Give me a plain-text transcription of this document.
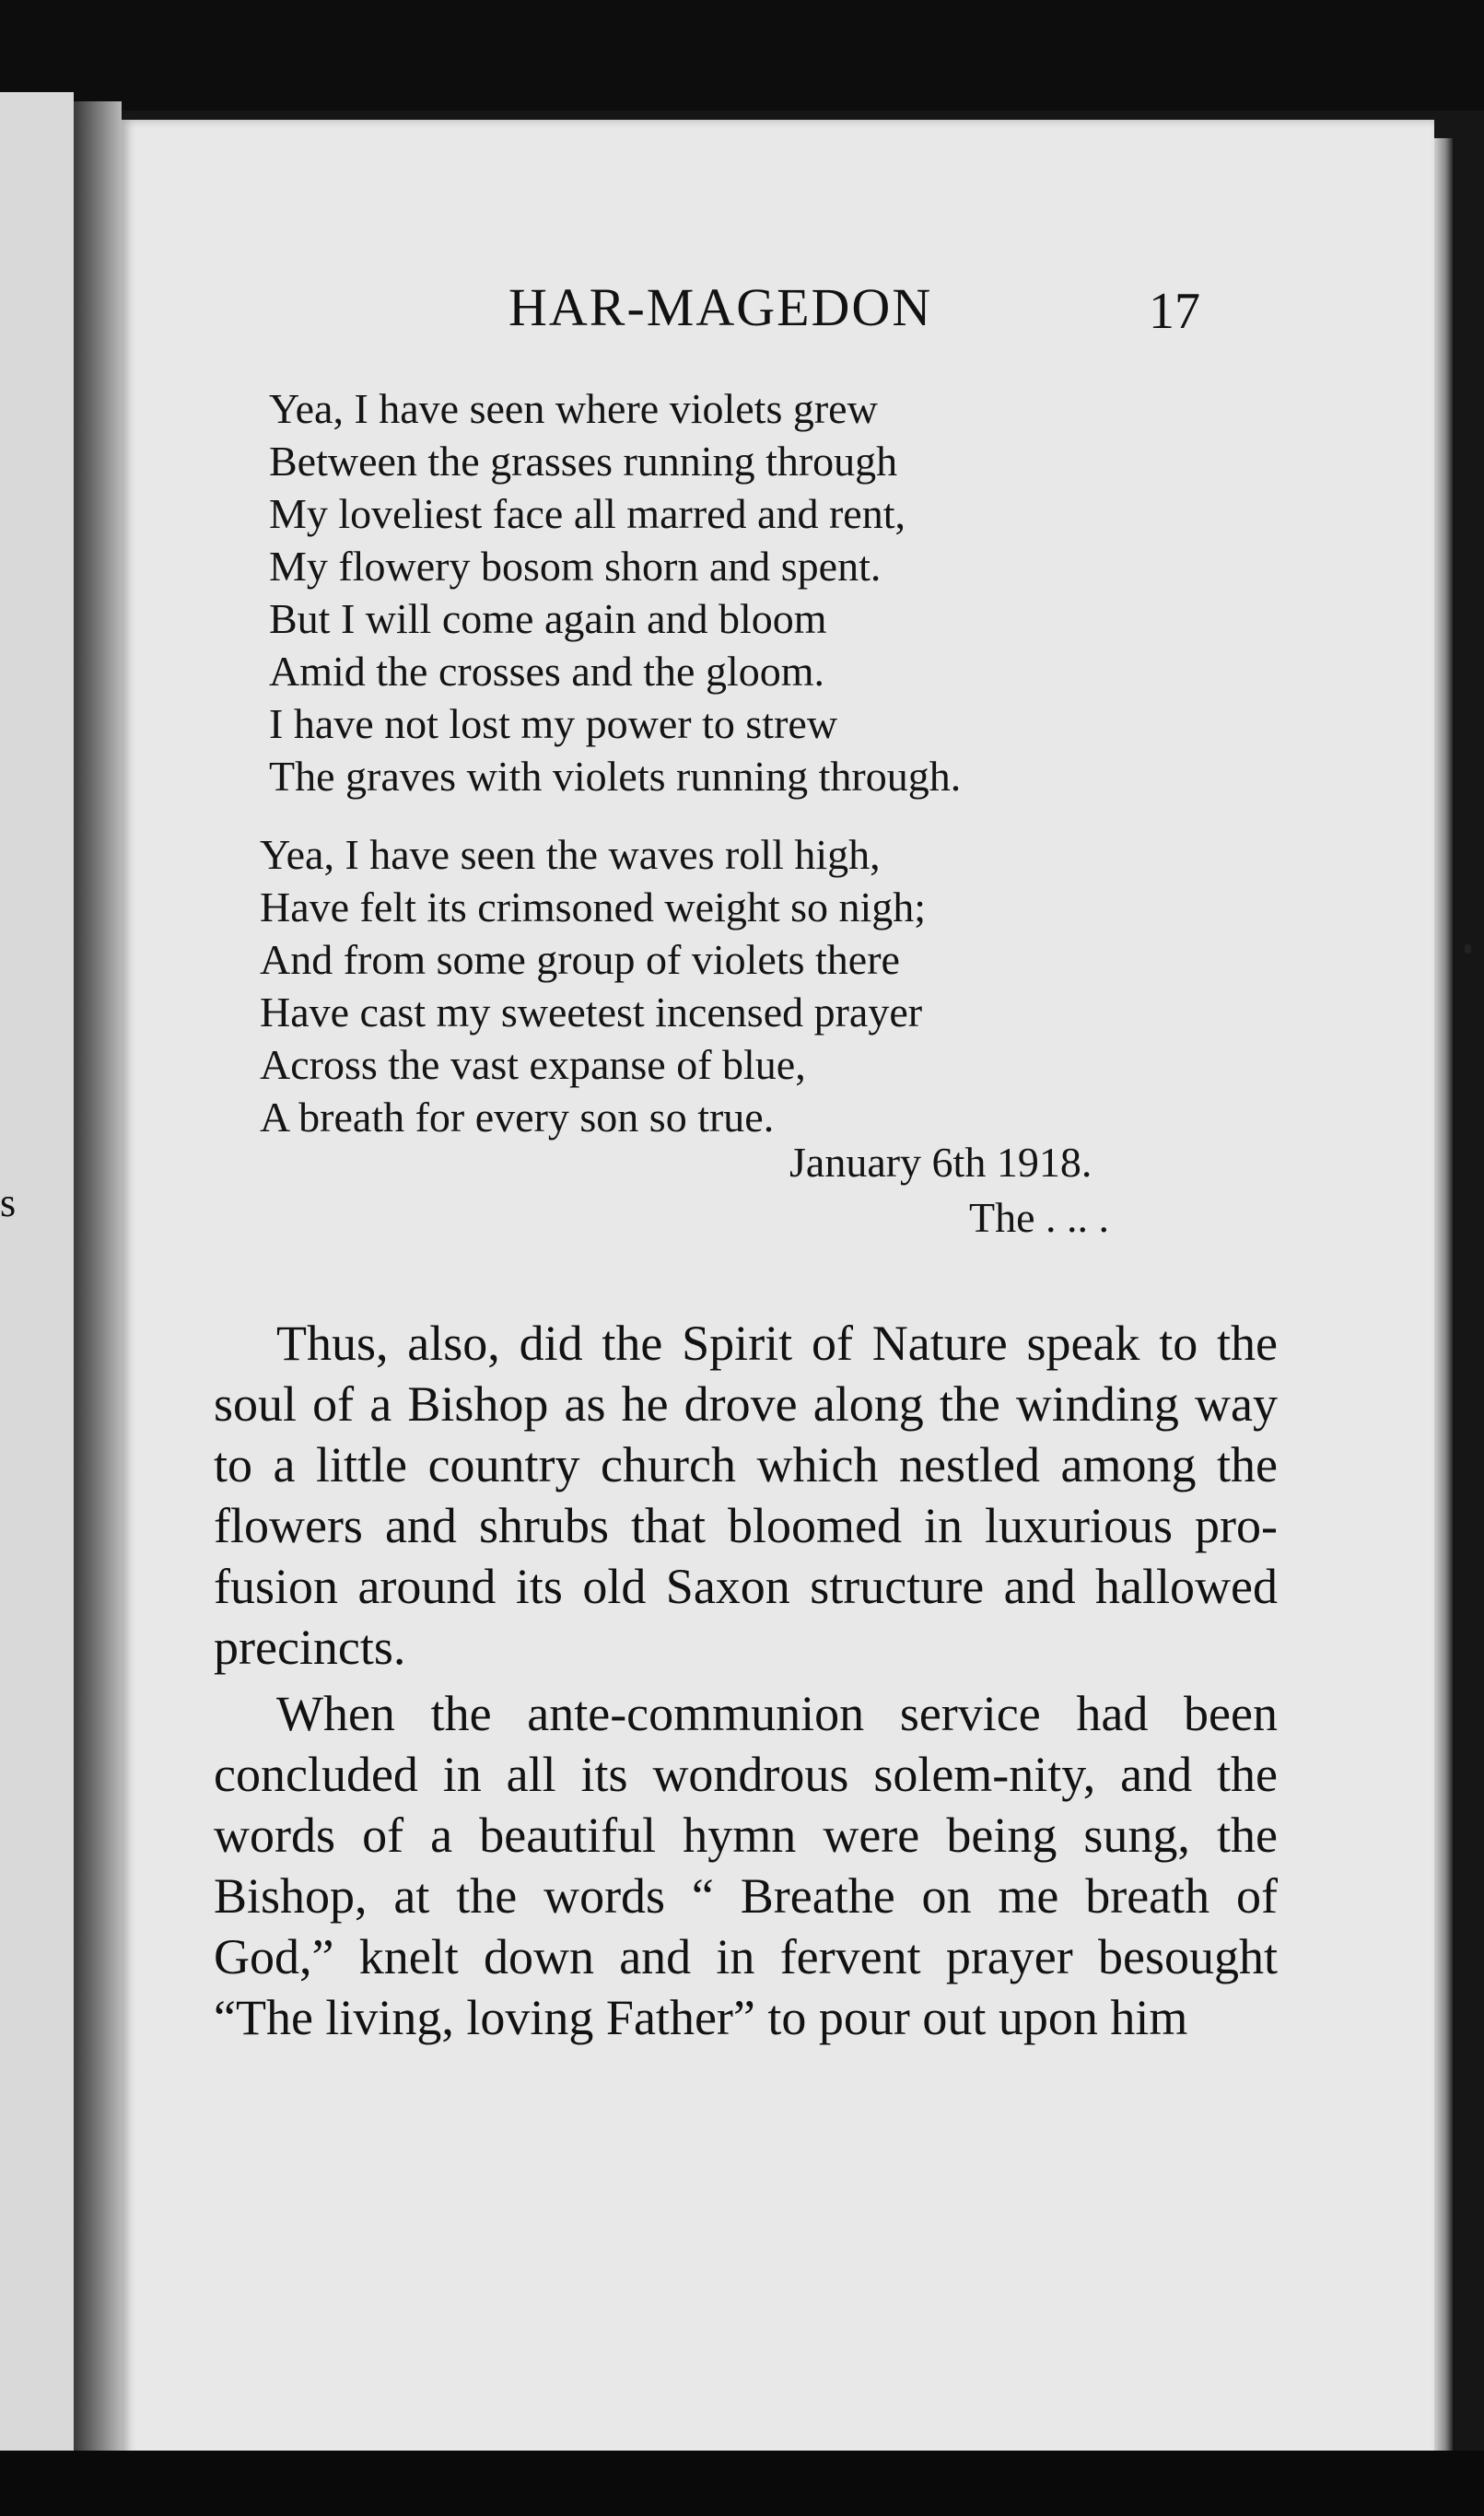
s
HAR-MAGEDON	17
Yea, I have seen where violets grew
Between the grasses running through
My loveliest face all marred and rent,
My flowery bosom shorn and spent.
But I will come again and bloom
Amid the crosses and the gloom.
I have not lost my power to strew
The graves with violets running through.
Yea, I have seen the waves roll high,
Have felt its crimsoned weight so nigh;
And from some group of violets there
Have cast my sweetest incensed prayer
Across the vast expanse of blue,
A breath for every son so true.
January 6th 1918.
The . .. .

Thus, also, did the Spirit of Nature speak to the soul of a Bishop as he drove along the winding way to a little country church which nestled among the flowers and shrubs that bloomed in luxurious pro-fusion around its old Saxon structure and hallowed precincts.

When the ante-communion service had been concluded in all its wondrous solem-nity, and the words of a beautiful hymn were being sung, the Bishop, at the words “ Breathe on me breath of God,” knelt down and in fervent prayer besought “The living, loving Father” to pour out upon him
